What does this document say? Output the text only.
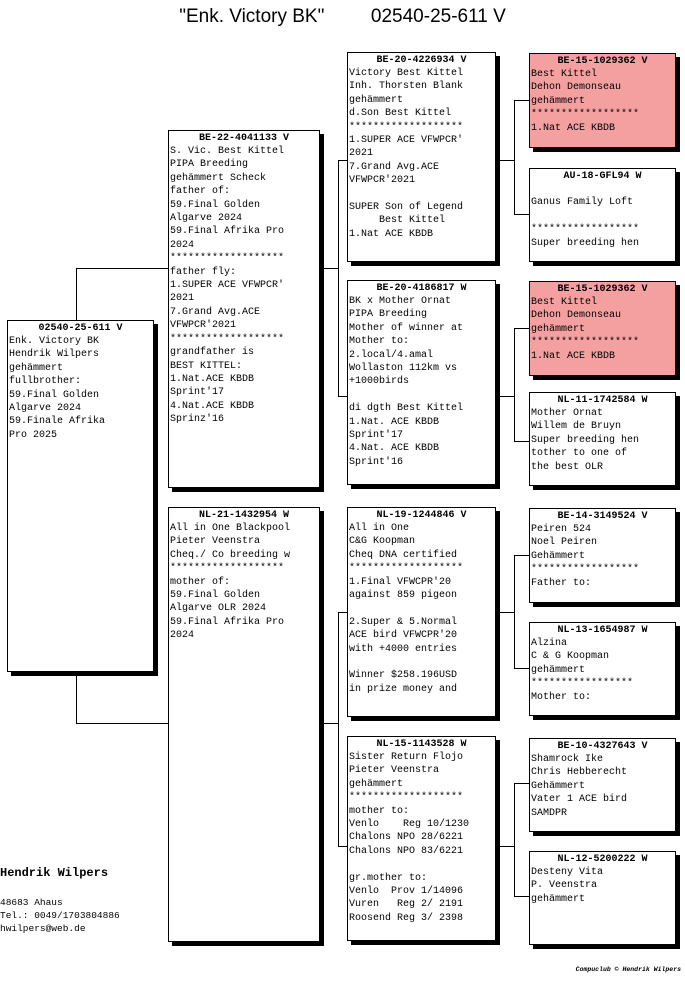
"Enk. Victory BK" 02540-25-611 V
02540-25-611 V
Enk. Victory BK
Hendrik Wilpers
gehämmert
fullbrother:
59.Final Golden
Algarve 2024
59.Finale Afrika
Pro 2025
BE-22-4041133 V
S. Vic. Best Kittel
PIPA Breeding
gehämmert Scheck
father of:
59.Final Golden
Algarve 2024
59.Final Afrika Pro
2024
*******************
father fly:
1.SUPER ACE VFWPCR'
2021
7.Grand Avg.ACE
VFWPCR'2021
*******************
grandfather is
BEST KITTEL:
1.Nat.ACE KBDB
Sprint'17
4.Nat.ACE KBDB
Sprinz'16
NL-21-1432954 W
All in One Blackpool
Pieter Veenstra
Cheq./ Co breeding w
*******************
mother of:
59.Final Golden
Algarve OLR 2024
59.Final Afrika Pro
2024
BE-20-4226934 V
Victory Best Kittel
Inh. Thorsten Blank
gehämmert
d.Son Best Kittel
*******************
1.SUPER ACE VFWPCR'
2021
7.Grand Avg.ACE
VFWPCR'2021

SUPER Son of Legend
Best Kittel
1.Nat ACE KBDB
BE-20-4186817 W
BK x Mother Ornat
PIPA Breeding
Mother of winner at
Mother to:
2.local/4.amal
Wollaston 112km vs
+1000birds

di dgth Best Kittel
1.Nat. ACE KBDB
Sprint'17
4.Nat. ACE KBDB
Sprint'16
NL-19-1244846 V
All in One
C&G Koopman
Cheq DNA certified
*******************
1.Final VFWCPR'20
against 859 pigeon

2.Super & 5.Normal
ACE bird VFWCPR'20
with +4000 entries

Winner $258.196USD
in prize money and
NL-15-1143528 W
Sister Return Flojo
Pieter Veenstra
gehämmert
*******************
mother to:
Venlo    Reg 10/1230
Chalons NPO 28/6221
Chalons NPO 83/6221

gr.mother to:
Venlo  Prov 1/14096
Vuren   Reg 2/ 2191
Roosend Reg 3/ 2398
BE-15-1029362 V
Best Kittel
Dehon Demonseau
gehämmert
******************
1.Nat ACE KBDB
AU-18-GFL94 W

Ganus Family Loft

******************
Super breeding hen
BE-15-1029362 V
Best Kittel
Dehon Demonseau
gehämmert
******************
1.Nat ACE KBDB
NL-11-1742584 W
Mother Ornat
Willem de Bruyn
Super breeding hen
tother to one of
the best OLR
BE-14-3149524 V
Peiren 524
Noel Peiren
Gehämmert
******************
Father to:
NL-13-1654987 W
Alzina
C & G Koopman
gehämmert
*****************
Mother to:
BE-10-4327643 V
Shamrock Ike
Chris Hebberecht
Gehämmert
Vater 1 ACE bird
SAMDPR
NL-12-5200222 W
Desteny Vita
P. Veenstra
gehämmert
Hendrik Wilpers
48683 Ahaus
Tel.: 0049/1703804886
hwilpers@web.de
Compuclub © Hendrik Wilpers
